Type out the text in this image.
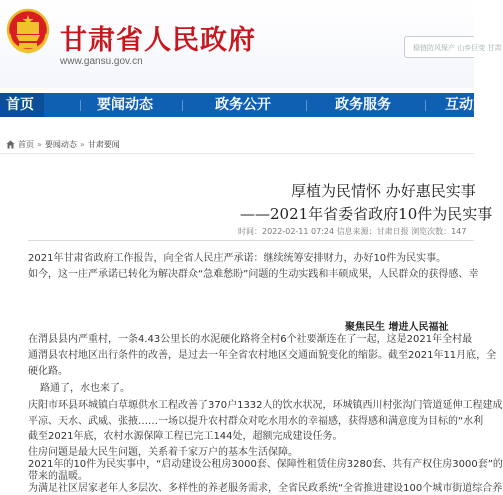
甘肃省人民政府
www.gansu.gov.cn
稳链防风保产 山乡巨变 甘肃
首页	要闻动态	政务公开	政务服务	互动交
首页 » 要闻动态 » 甘肃要闻
厚植为民情怀 办好惠民实事
——2021年省委省政府10件为民实事
时间：2022-02-11 07:24 信息来源：甘肃日报 浏览次数：147
2021年甘肃省政府工作报告，向全省人民庄严承诺：继续统筹安排财力，办好10件为民实事。
如今，这一庄严承诺已转化为解决群众“急难愁盼”问题的生动实践和丰硕成果，人民群众的获得感、幸
聚焦民生 增进人民福祉
在渭县县内严重村，一条4.43公里长的水泥硬化路将全村6个社要渐连在了一起，这是2021年全村最
通渭县农村地区出行条件的改善，是过去一年全省农村地区交通面貌变化的缩影。截至2021年11月底，全
硬化路。
路通了，水也来了。
庆阳市环县环城镇白草塬供水工程改善了370户1332人的饮水状况，环城镇西川村张沟门管道延伸工程建成
平凉、天水、武威、张掖……一场以提升农村群众对吃水用水的幸福感，获得感和满意度为目标的“水利
截至2021年底，农村水源保障工程已完工144处，超额完成建设任务。
住房问题是最大民生问题，关系着千家万户的基本生活保障。
2021年的10件为民实事中，“启动建设公租房3000套、保障性租赁住房3280套、共有产权住房3000套”的
带来的温暖。
为满足社区居家老年人多层次、多样性的养老服务需求，全省民政系统“全省推进建设100个城市街道综合养
